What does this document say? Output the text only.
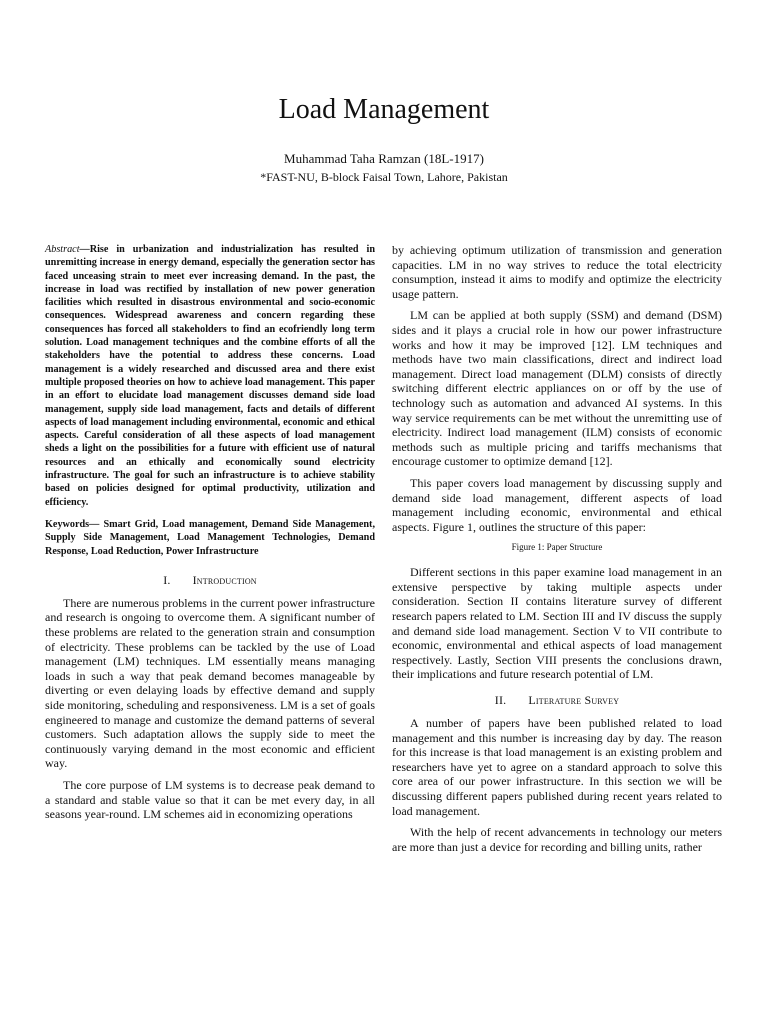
Load Management
Muhammad Taha Ramzan (18L-1917)
*FAST-NU, B-block Faisal Town, Lahore, Pakistan
Abstract—Rise in urbanization and industrialization has resulted in unremitting increase in energy demand, especially the generation sector has faced unceasing strain to meet ever increasing demand. In the past, the increase in load was rectified by installation of new power generation facilities which resulted in disastrous environmental and socio-economic consequences. Widespread awareness and concern regarding these consequences has forced all stakeholders to find an ecofriendly long term solution. Load management techniques and the combine efforts of all the stakeholders have the potential to address these concerns. Load management is a widely researched and discussed area and there exist multiple proposed theories on how to achieve load management. This paper in an effort to elucidate load management discusses demand side load management, supply side load management, facts and details of different aspects of load management including environmental, economic and ethical aspects. Careful consideration of all these aspects of load management sheds a light on the possibilities for a future with efficient use of natural resources and an ethically and economically sound electricity infrastructure. The goal for such an infrastructure is to achieve stability based on policies designed for optimal productivity, utilization and efficiency.
Keywords— Smart Grid, Load management, Demand Side Management, Supply Side Management, Load Management Technologies, Demand Response, Load Reduction, Power Infrastructure
I. Introduction

There are numerous problems in the current power infrastructure and research is ongoing to overcome them. A significant number of these problems are related to the generation strain and consumption of electricity. These problems can be tackled by the use of Load management (LM) techniques. LM essentially means managing loads in such a way that peak demand becomes manageable by diverting or even delaying loads by effective demand and supply side monitoring, scheduling and responsiveness. LM is a set of goals engineered to manage and customize the demand patterns of several customers. Such adaptation allows the supply side to meet the continuously varying demand in the most economic and efficient way.

The core purpose of LM systems is to decrease peak demand to a standard and stable value so that it can be met every day, in all seasons year-round. LM schemes aid in economizing operations

by achieving optimum utilization of transmission and generation capacities. LM in no way strives to reduce the total electricity consumption, instead it aims to modify and optimize the electricity usage pattern.

LM can be applied at both supply (SSM) and demand (DSM) sides and it plays a crucial role in how our power infrastructure works and how it may be improved [12]. LM techniques and methods have two main classifications, direct and indirect load management. Direct load management (DLM) consists of directly switching different electric appliances on or off by the use of technology such as automation and advanced AI systems. In this way service requirements can be met without the unremitting use of electricity. Indirect load management (ILM) consists of economic methods such as multiple pricing and tariffs mechanisms that encourage customer to optimize demand [12].

This paper covers load management by discussing supply and demand side load management, different aspects of load management including economic, environmental and ethical aspects. Figure 1, outlines the structure of this paper:

Figure 1: Paper Structure

Different sections in this paper examine load management in an extensive perspective by taking multiple aspects under consideration. Section II contains literature survey of different research papers related to LM. Section III and IV discuss the supply and demand side load management. Section V to VII contribute to economic, environmental and ethical aspects of load management respectively. Lastly, Section VIII presents the conclusions drawn, their implications and future research potential of LM.

II. Literature Survey

A number of papers have been published related to load management and this number is increasing day by day. The reason for this increase is that load management is an existing problem and researchers have yet to agree on a standard approach to solve this core area of our power infrastructure. In this section we will be discussing different papers published during recent years related to load management.

With the help of recent advancements in technology our meters are more than just a device for recording and billing units, rather
